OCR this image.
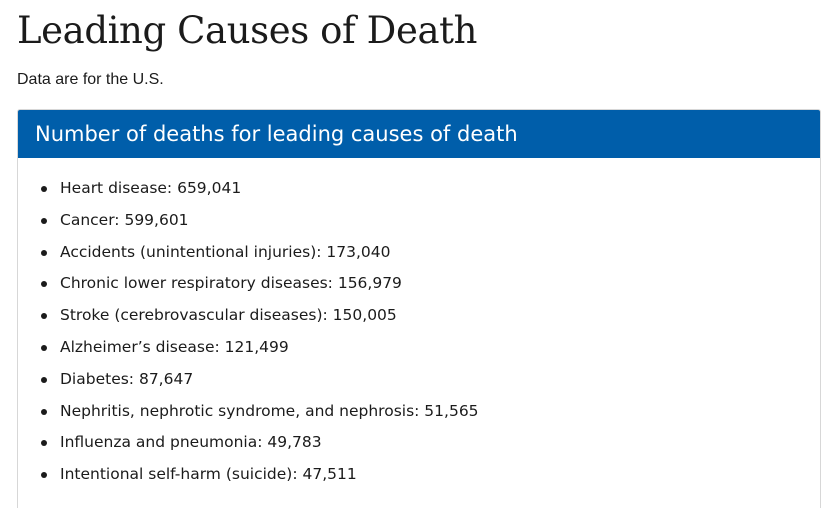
Leading Causes of Death

Data are for the U.S.

Number of deaths for leading causes of death
Heart disease: 659,041
Cancer: 599,601
Accidents (unintentional injuries): 173,040
Chronic lower respiratory diseases: 156,979
Stroke (cerebrovascular diseases): 150,005
Alzheimer’s disease: 121,499
Diabetes: 87,647
Nephritis, nephrotic syndrome, and nephrosis: 51,565
Influenza and pneumonia: 49,783
Intentional self-harm (suicide): 47,511
